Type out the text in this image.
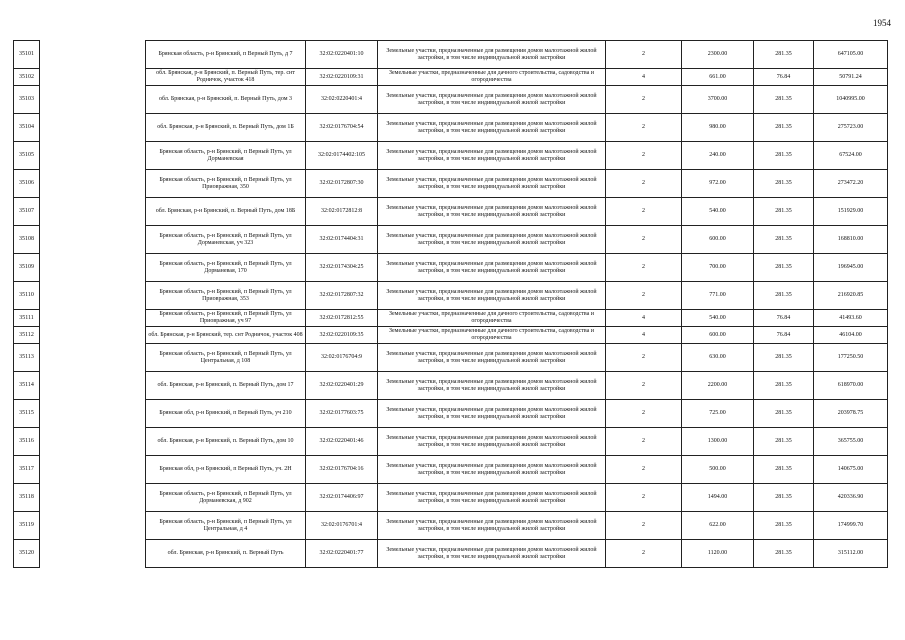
1954
35101		Брянская область, р-н Брянский, п Верный Путь, д 7	32:02:0220401:10	Земельные участки, предназначенные для размещения домов малоэтажной жилой застройки, в том числе индивидуальной жилой застройки	2	2300.00	281.35	647105.00
35102		обл. Брянская, р-н Брянский, п. Верный Путь, тер. снт Родничок, участок 418	32:02:0220109:31	Земельные участки, предназначенные для дачного строительства, садоводства и огородничества	4	661.00	76.84	50791.24
35103		обл. Брянская, р-н Брянский, п. Верный Путь, дом 3	32:02:0220401:4	Земельные участки, предназначенные для размещения домов малоэтажной жилой застройки, в том числе индивидуальной жилой застройки	2	3700.00	281.35	1040995.00
35104		обл. Брянская, р-н Брянский, п. Верный Путь, дом 1Б	32:02:0176704:54	Земельные участки, предназначенные для размещения домов малоэтажной жилой застройки, в том числе индивидуальной жилой застройки	2	980.00	281.35	275723.00
35105		Брянская область, р-н Брянский, п Верный Путь, ул Дорманевская	32:02:0174402:105	Земельные участки, предназначенные для размещения домов малоэтажной жилой застройки, в том числе индивидуальной жилой застройки	2	240.00	281.35	67524.00
35106		Брянская область, р-н Брянский, п Верный Путь, ул Приовражная, 350	32:02:0172807:30	Земельные участки, предназначенные для размещения домов малоэтажной жилой застройки, в том числе индивидуальной жилой застройки	2	972.00	281.35	273472.20
35107		обл. Брянская, р-н Брянский, п. Верный Путь, дом 18Б	32:02:0172812:8	Земельные участки, предназначенные для размещения домов малоэтажной жилой застройки, в том числе индивидуальной жилой застройки	2	540.00	281.35	151929.00
35108		Брянская область, р-н Брянский, п Верный Путь, ул Дорманевская, уч 323	32:02:0174404:31	Земельные участки, предназначенные для размещения домов малоэтажной жилой застройки, в том числе индивидуальной жилой застройки	2	600.00	281.35	168810.00
35109		Брянская область, р-н Брянский, п Верный Путь, ул Дорманевая, 170	32:02:0174304:25	Земельные участки, предназначенные для размещения домов малоэтажной жилой застройки, в том числе индивидуальной жилой застройки	2	700.00	281.35	196945.00
35110		Брянская область, р-н Брянский, п Верный Путь, ул Приовражная, 353	32:02:0172807:32	Земельные участки, предназначенные для размещения домов малоэтажной жилой застройки, в том числе индивидуальной жилой застройки	2	771.00	281.35	216920.85
35111		Брянская область, р-н Брянский, п Верный Путь, ул Приовражная, уч 97	32:02:0172812:55	Земельные участки, предназначенные для дачного строительства, садоводства и огородничества	4	540.00	76.84	41493.60
35112		обл. Брянская, р-н Брянский, тер. снт Родничок, участок 408	32:02:0220109:35	Земельные участки, предназначенные для дачного строительства, садоводства и огородничества	4	600.00	76.84	46104.00
35113		Брянская область, р-н Брянский, п Верный Путь, ул Центральная, д 108	32:02:0176704:9	Земельные участки, предназначенные для размещения домов малоэтажной жилой застройки, в том числе индивидуальной жилой застройки	2	630.00	281.35	177250.50
35114		обл. Брянская, р-н Брянский, п. Верный Путь, дом 17	32:02:0220401:29	Земельные участки, предназначенные для размещения домов малоэтажной жилой застройки, в том числе индивидуальной жилой застройки	2	2200.00	281.35	618970.00
35115		Брянская обл, р-н Брянский, п Верный Путь, уч 210	32:02:0177603:75	Земельные участки, предназначенные для размещения домов малоэтажной жилой застройки, в том числе индивидуальной жилой застройки	2	725.00	281.35	203978.75
35116		обл. Брянская, р-н Брянский, п. Верный Путь, дом 10	32:02:0220401:46	Земельные участки, предназначенные для размещения домов малоэтажной жилой застройки, в том числе индивидуальной жилой застройки	2	1300.00	281.35	365755.00
35117		Брянская обл, р-н Брянский, п Верный Путь, уч. 2Н	32:02:0176704:16	Земельные участки, предназначенные для размещения домов малоэтажной жилой застройки, в том числе индивидуальной жилой застройки	2	500.00	281.35	140675.00
35118		Брянская область, р-н Брянский, п Верный Путь, ул Дорманевская, д 902	32:02:0174406:97	Земельные участки, предназначенные для размещения домов малоэтажной жилой застройки, в том числе индивидуальной жилой застройки	2	1494.00	281.35	420336.90
35119		Брянская область, р-н Брянский, п Верный Путь, ул Центральная, д 4	32:02:0176701:4	Земельные участки, предназначенные для размещения домов малоэтажной жилой застройки, в том числе индивидуальной жилой застройки	2	622.00	281.35	174999.70
35120		обл. Брянская, р-н Брянский, п. Верный Путь	32:02:0220401:77	Земельные участки, предназначенные для размещения домов малоэтажной жилой застройки, в том числе индивидуальной жилой застройки	2	1120.00	281.35	315112.00
